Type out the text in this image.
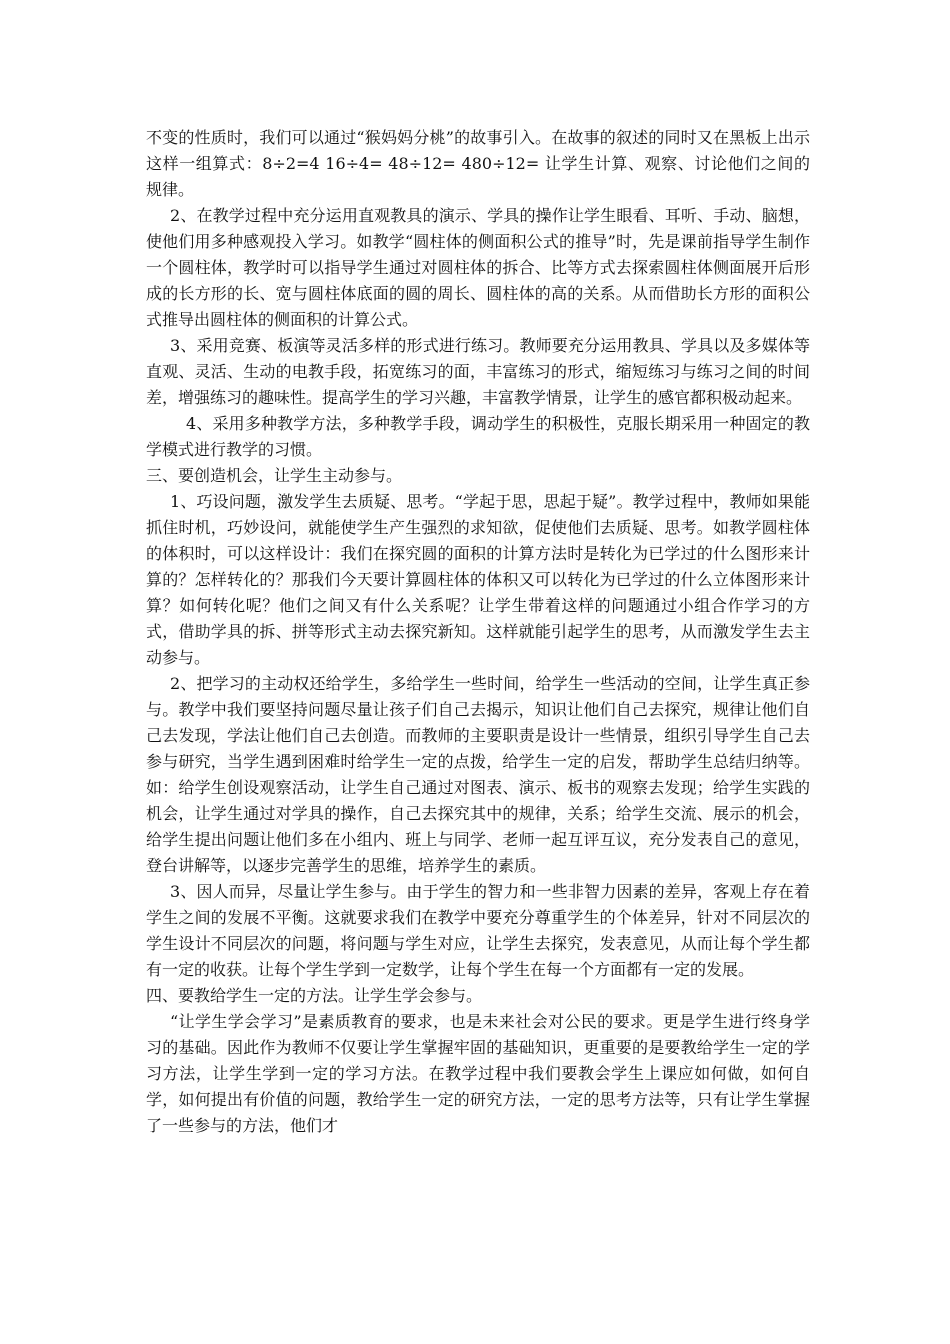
不变的性质时，我们可以通过“猴妈妈分桃”的故事引入。在故事的叙述的同时又在黑板上出示这样一组算式：8÷2=4 16÷4= 48÷12= 480÷12= 让学生计算、观察、讨论他们之间的规律。

2、在教学过程中充分运用直观教具的演示、学具的操作让学生眼看、耳听、手动、脑想，使他们用多种感观投入学习。如教学“圆柱体的侧面积公式的推导”时，先是课前指导学生制作一个圆柱体，教学时可以指导学生通过对圆柱体的拆合、比等方式去探索圆柱体侧面展开后形成的长方形的长、宽与圆柱体底面的圆的周长、圆柱体的高的关系。从而借助长方形的面积公式推导出圆柱体的侧面积的计算公式。

3、采用竞赛、板演等灵活多样的形式进行练习。教师要充分运用教具、学具以及多媒体等直观、灵活、生动的电教手段，拓宽练习的面，丰富练习的形式，缩短练习与练习之间的时间差，增强练习的趣味性。提高学生的学习兴趣，丰富教学情景，让学生的感官都积极动起来。

4、采用多种教学方法，多种教学手段，调动学生的积极性，克服长期采用一种固定的教学模式进行教学的习惯。

三、要创造机会，让学生主动参与。

1、巧设问题，激发学生去质疑、思考。“学起于思，思起于疑”。教学过程中，教师如果能抓住时机，巧妙设问，就能使学生产生强烈的求知欲，促使他们去质疑、思考。如教学圆柱体的体积时，可以这样设计：我们在探究圆的面积的计算方法时是转化为已学过的什么图形来计算的？怎样转化的？那我们今天要计算圆柱体的体积又可以转化为已学过的什么立体图形来计算？如何转化呢？他们之间又有什么关系呢？让学生带着这样的问题通过小组合作学习的方式，借助学具的拆、拼等形式主动去探究新知。这样就能引起学生的思考，从而激发学生去主动参与。

2、把学习的主动权还给学生，多给学生一些时间，给学生一些活动的空间，让学生真正参与。教学中我们要坚持问题尽量让孩子们自己去揭示，知识让他们自己去探究，规律让他们自己去发现，学法让他们自己去创造。而教师的主要职责是设计一些情景，组织引导学生自己去参与研究，当学生遇到困难时给学生一定的点拨，给学生一定的启发，帮助学生总结归纳等。如：给学生创设观察活动，让学生自己通过对图表、演示、板书的观察去发现；给学生实践的机会，让学生通过对学具的操作，自己去探究其中的规律，关系；给学生交流、展示的机会，给学生提出问题让他们多在小组内、班上与同学、老师一起互评互议，充分发表自己的意见，登台讲解等，以逐步完善学生的思维，培养学生的素质。

3、因人而异，尽量让学生参与。由于学生的智力和一些非智力因素的差异，客观上存在着学生之间的发展不平衡。这就要求我们在教学中要充分尊重学生的个体差异，针对不同层次的学生设计不同层次的问题，将问题与学生对应，让学生去探究，发表意见，从而让每个学生都有一定的收获。让每个学生学到一定数学，让每个学生在每一个方面都有一定的发展。

四、要教给学生一定的方法。让学生学会参与。

“让学生学会学习”是素质教育的要求，也是未来社会对公民的要求。更是学生进行终身学习的基础。因此作为教师不仅要让学生掌握牢固的基础知识，更重要的是要教给学生一定的学习方法，让学生学到一定的学习方法。在教学过程中我们要教会学生上课应如何做，如何自学，如何提出有价值的问题，教给学生一定的研究方法，一定的思考方法等，只有让学生掌握了一些参与的方法，他们才
